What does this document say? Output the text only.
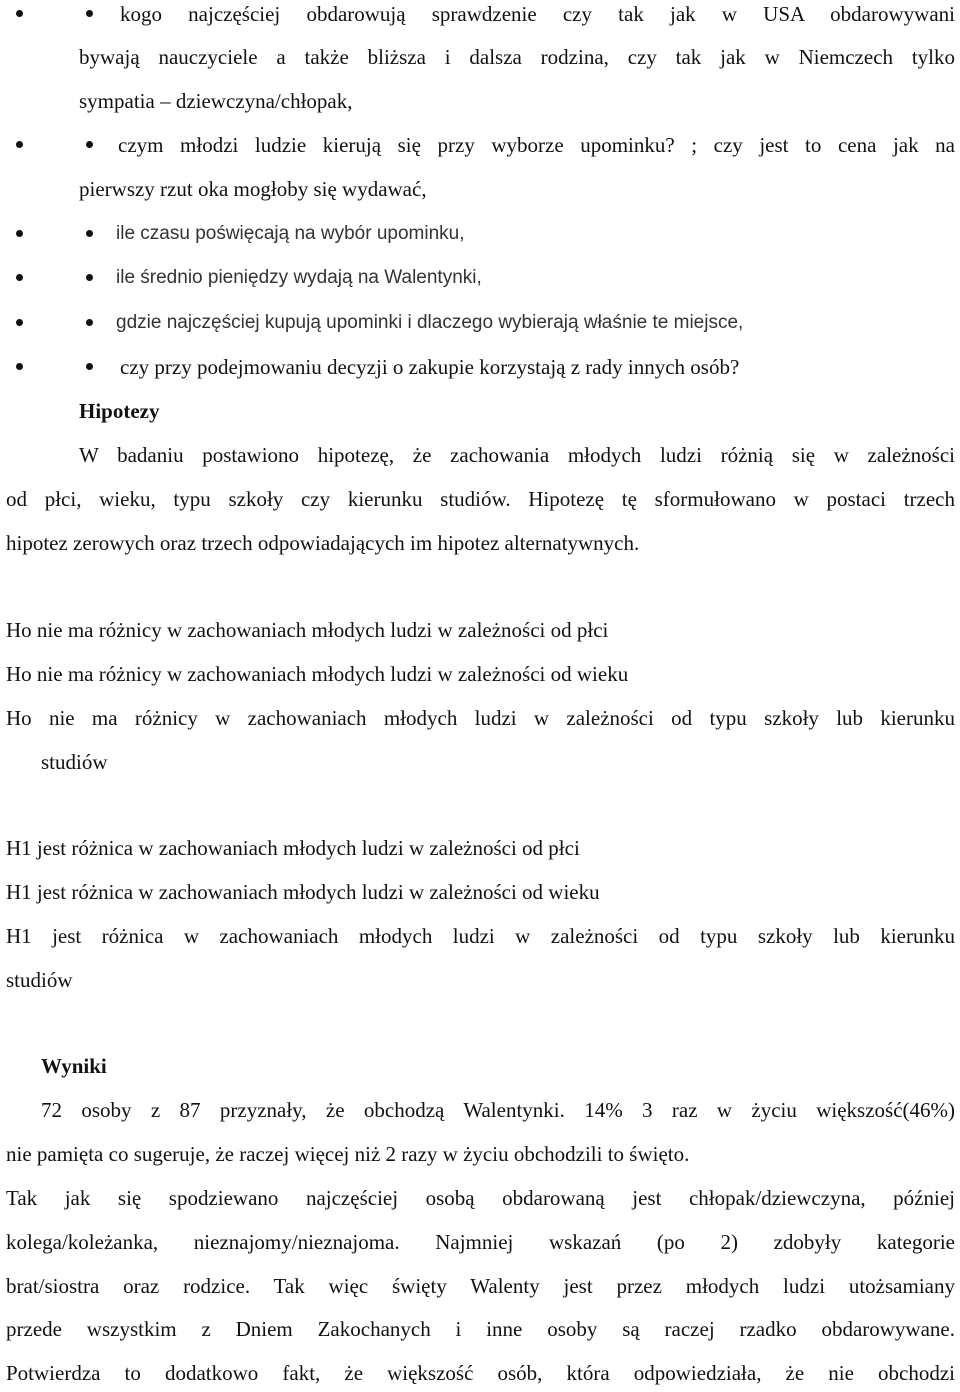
kogo najczęściej obdarowują sprawdzenie czy tak jak w USA obdarowywani
bywają nauczyciele a także bliższa i dalsza rodzina, czy tak jak w Niemczech tylko
sympatia – dziewczyna/chłopak,
czym młodzi ludzie kierują się przy wyborze upominku? ; czy jest to cena jak na
pierwszy rzut oka mogłoby się wydawać,
ile czasu poświęcają na wybór upominku,
ile średnio pieniędzy wydają na Walentynki,
gdzie najczęściej kupują upominki i dlaczego wybierają właśnie te miejsce,
czy przy podejmowaniu decyzji o zakupie korzystają z rady innych osób?
Hipotezy
W badaniu postawiono hipotezę, że zachowania młodych ludzi różnią się w zależności
od płci, wieku, typu szkoły czy kierunku studiów. Hipotezę tę sformułowano w postaci trzech
hipotez zerowych oraz trzech odpowiadających im hipotez alternatywnych.
Ho nie ma różnicy w zachowaniach młodych ludzi w zależności od płci
Ho nie ma różnicy w zachowaniach młodych ludzi w zależności od wieku
Ho nie ma różnicy w zachowaniach młodych ludzi w zależności od typu szkoły lub kierunku
studiów
H1 jest różnica w zachowaniach młodych ludzi w zależności od płci
H1 jest różnica w zachowaniach młodych ludzi w zależności od wieku
H1 jest różnica w zachowaniach młodych ludzi w zależności od typu szkoły lub kierunku
studiów
Wyniki
72 osoby z 87 przyznały, że obchodzą Walentynki. 14% 3 raz w życiu większość(46%)
nie pamięta co sugeruje, że raczej więcej niż 2 razy w życiu obchodzili to święto.
Tak jak się spodziewano najczęściej osobą obdarowaną jest chłopak/dziewczyna, później
kolega/koleżanka, nieznajomy/nieznajoma. Najmniej wskazań (po 2) zdobyły kategorie
brat/siostra oraz rodzice. Tak więc święty Walenty jest przez młodych ludzi utożsamiany
przede wszystkim z Dniem Zakochanych i inne osoby są raczej rzadko obdarowywane.
Potwierdza to dodatkowo fakt, że większość osób, która odpowiedziała, że nie obchodzi
